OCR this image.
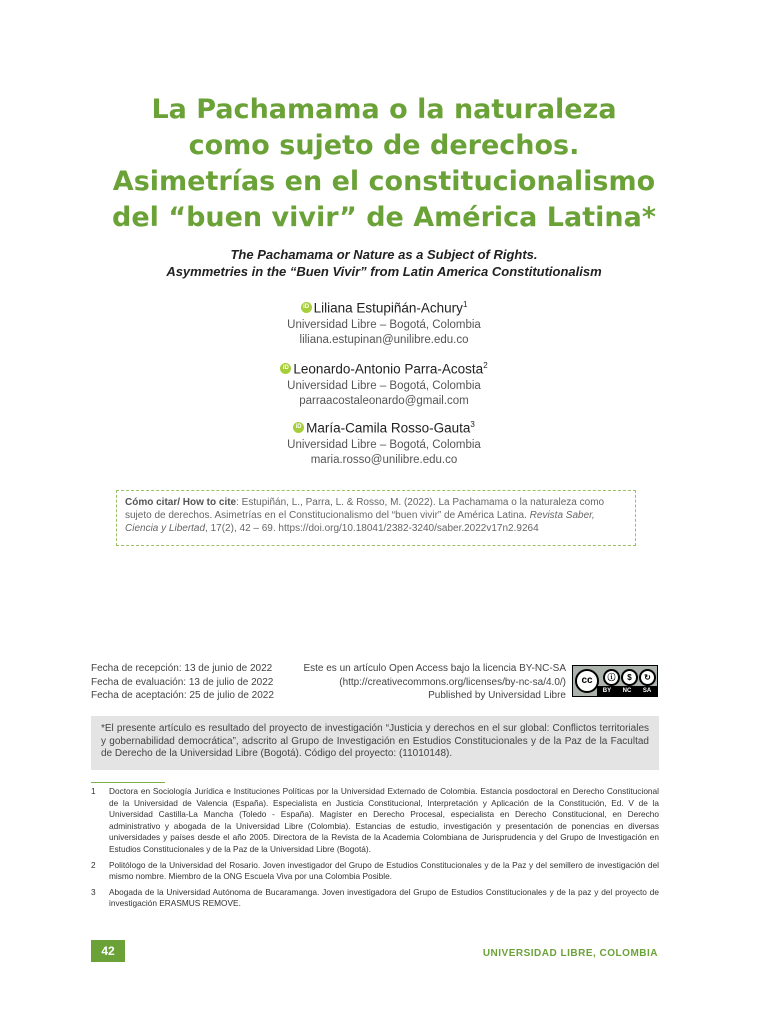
La Pachamama o la naturaleza
como sujeto de derechos.
Asimetrías en el constitucionalismo
del “buen vivir” de América Latina*
The Pachamama or Nature as a Subject of Rights.
Asymmetries in the “Buen Vivir” from Latin America Constitutionalism
iD Liliana Estupiñán-Achury$^1$
Universidad Libre – Bogotá, Colombia
liliana.estupinan@unilibre.edu.co
iD Leonardo-Antonio Parra-Acosta$^2$
Universidad Libre – Bogotá, Colombia
parraacostaleonardo@gmail.com
iD María-Camila Rosso-Gauta$^3$
Universidad Libre – Bogotá, Colombia
maria.rosso@unilibre.edu.co
Cómo citar/ How to cite: Estupiñán, L., Parra, L. & Rosso, M. (2022). La Pachamama o la naturaleza como sujeto de derechos. Asimetrías en el Constitucionalismo del “buen vivir” de América Latina. Revista Saber, Ciencia y Libertad, 17(2), 42 – 69. https://doi.org/10.18041/2382-3240/saber.2022v17n2.9264
Fecha de recepción: 13 de junio de 2022
Fecha de evaluación: 13 de julio de 2022
Fecha de aceptación: 25 de julio de 2022
Este es un artículo Open Access bajo la licencia BY-NC-SA
(http://creativecommons.org/licenses/by-nc-sa/4.0/)
Published by Universidad Libre
cc	ⓘ	$	↻
BY NC SA
*El presente artículo es resultado del proyecto de investigación “Justicia y derechos en el sur global: Conflictos territoriales y gobernabilidad democrática”, adscrito al Grupo de Investigación en Estudios Constitucionales y de la Paz de la Facultad de Derecho de la Universidad Libre (Bogotá). Código del proyecto: (11010148).
1	Doctora en Sociología Jurídica e Instituciones Políticas por la Universidad Externado de Colombia. Estancia posdoctoral en Derecho Constitucional de la Universidad de Valencia (España). Especialista en Justicia Constitucional, Interpretación y Aplicación de la Constitución, Ed. V de la Universidad Castilla-La Mancha (Toledo - España). Magíster en Derecho Procesal, especialista en Derecho Constitucional, en Derecho administrativo y abogada de la Universidad Libre (Colombia). Estancias de estudio, investigación y presentación de ponencias en diversas universidades y países desde el año 2005. Directora de la Revista de la Academia Colombiana de Jurisprudencia y del Grupo de Investigación en Estudios Constitucionales y de la Paz de la Universidad Libre (Bogotá).
2	Politólogo de la Universidad del Rosario. Joven investigador del Grupo de Estudios Constitucionales y de la Paz y del semillero de investigación del mismo nombre. Miembro de la ONG Escuela Viva por una Colombia Posible.
3	Abogada de la Universidad Autónoma de Bucaramanga. Joven investigadora del Grupo de Estudios Constitucionales y de la paz y del proyecto de investigación ERASMUS REMOVE.
42	UNIVERSIDAD LIBRE, COLOMBIA
